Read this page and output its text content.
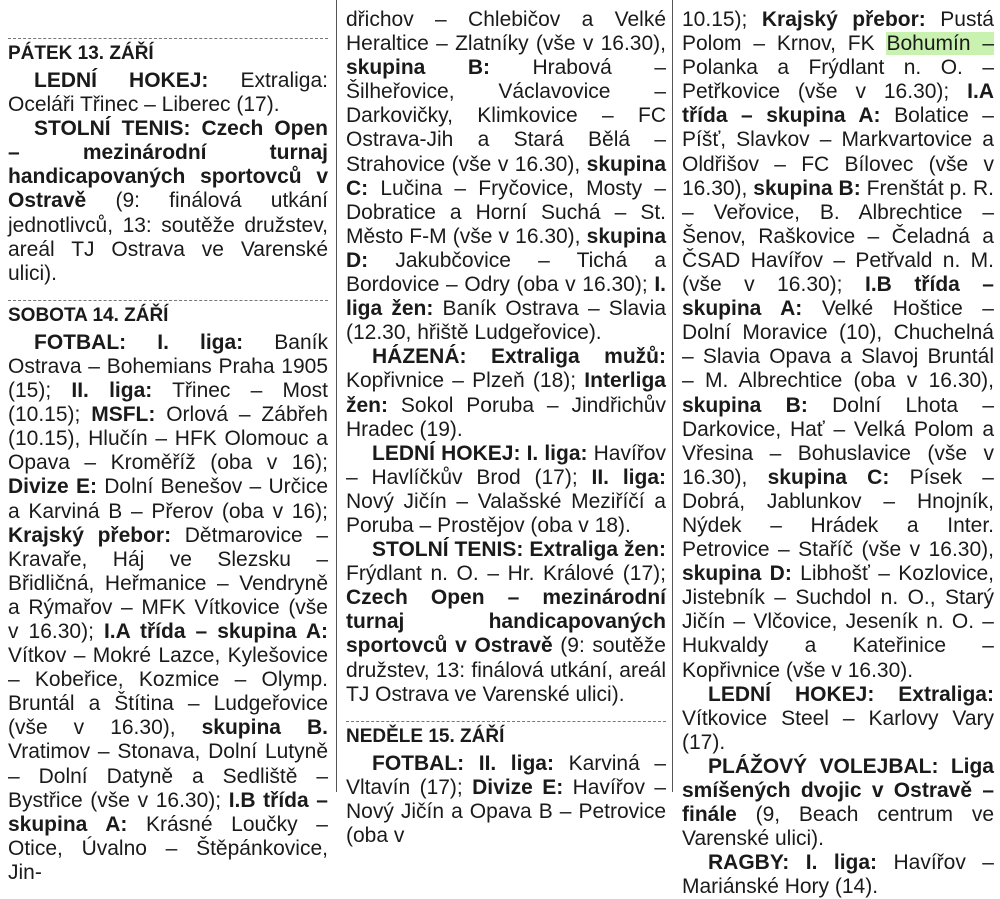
PÁTEK 13. ZÁŘÍ

LEDNÍ HOKEJ: Extraliga: Oceláři Třinec – Liberec (17).

STOLNÍ TENIS: Czech Open – mezinárodní turnaj handicapovaných sportovců v Ostravě (9: finálová utkání jednotlivců, 13: soutěže družstev, areál TJ Ostrava ve Varenské ulici).

SOBOTA 14. ZÁŘÍ

FOTBAL: I. liga: Baník Ostrava – Bohemians Praha 1905 (15); II. liga: Třinec – Most (10.15); MSFL: Orlová – Zábřeh (10.15), Hlučín – HFK Olomouc a Opava – Kroměříž (oba v 16); Divize E: Dolní Benešov – Určice a Karviná B – Přerov (oba v 16); Krajský přebor: Dětmarovice – Kravaře, Háj ve Slezsku – Břidličná, Heřmanice – Vendryně a Rýmařov – MFK Vítkovice (vše v 16.30); I.A třída – skupina A: Vítkov – Mokré Lazce, Kylešovice – Kobeřice, Kozmice – Olymp. Bruntál a Štítina – Ludgeřovice (vše v 16.30), skupina B. Vratimov – Stonava, Dolní Lutyně – Dolní Datyně a Sedliště – Bystřice (vše v 16.30); I.B třída – skupina A: Krásné Loučky – Otice, Úvalno – Štěpánkovice, Jin-

dřichov – Chlebičov a Velké Heraltice – Zlatníky (vše v 16.30), skupina B: Hrabová – Šilheřovice, Václavovice – Darkovičky, Klimkovice – FC Ostrava-Jih a Stará Bělá – Strahovice (vše v 16.30), skupina C: Lučina – Fryčovice, Mosty – Dobratice a Horní Suchá – St. Město F-M (vše v 16.30), skupina D: Jakubčovice – Tichá a Bordovice – Odry (oba v 16.30); I. liga žen: Baník Ostrava – Slavia (12.30, hřiště Ludgeřovice).

HÁZENÁ: Extraliga mužů: Kopřivnice – Plzeň (18); Interliga žen: Sokol Poruba – Jindřichův Hradec (19).

LEDNÍ HOKEJ: I. liga: Havířov – Havlíčkův Brod (17); II. liga: Nový Jičín – Valašské Meziříčí a Poruba – Prostějov (oba v 18).

STOLNÍ TENIS: Extraliga žen: Frýdlant n. O. – Hr. Králové (17); Czech Open – mezinárodní turnaj handicapovaných sportovců v Ostravě (9: soutěže družstev, 13: finálová utkání, areál TJ Ostrava ve Varenské ulici).

NEDĚLE 15. ZÁŘÍ

FOTBAL: II. liga: Karviná – Vltavín (17); Divize E: Havířov – Nový Jičín a Opava B – Petrovice (oba v

10.15); Krajský přebor: Pustá Polom – Krnov, FK Bohumín – Polanka a Frýdlant n. O. – Petřkovice (vše v 16.30); I.A třída – skupina A: Bolatice – Píšť, Slavkov – Markvartovice a Oldřišov – FC Bílovec (vše v 16.30), skupina B: Frenštát p. R. – Veřovice, B. Albrechtice – Šenov, Raškovice – Čeladná a ČSAD Havířov – Petřvald n. M. (vše v 16.30); I.B třída – skupina A: Velké Hoštice – Dolní Moravice (10), Chuchelná – Slavia Opava a Slavoj Bruntál – M. Albrechtice (oba v 16.30), skupina B: Dolní Lhota – Darkovice, Hať – Velká Polom a Vřesina – Bohuslavice (vše v 16.30), skupina C: Písek – Dobrá, Jablunkov – Hnojník, Nýdek – Hrádek a Inter. Petrovice – Staříč (vše v 16.30), skupina D: Libhošť – Kozlovice, Jistebník – Suchdol n. O., Starý Jičín – Vlčovice, Jeseník n. O. – Hukvaldy a Kateřinice – Kopřivnice (vše v 16.30).

LEDNÍ HOKEJ: Extraliga: Vítkovice Steel – Karlovy Vary (17).

PLÁŽOVÝ VOLEJBAL: Liga smíšených dvojic v Ostravě – finále (9, Beach centrum ve Varenské ulici).

RAGBY: I. liga: Havířov – Mariánské Hory (14).
